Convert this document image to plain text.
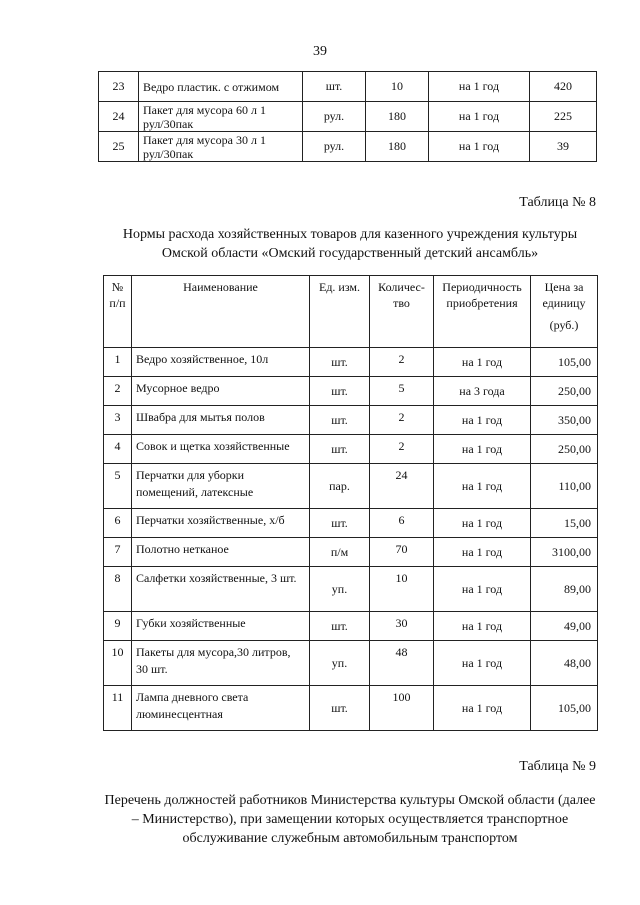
39
23	Ведро пластик. с отжимом	шт.	10	на 1 год	420
24	Пакет для мусора 60 л 1 рул/30пак	рул.	180	на 1 год	225
25	Пакет для мусора 30 л 1 рул/30пак	рул.	180	на 1 год	39
Таблица № 8
Нормы расхода хозяйственных товаров для казенного учреждения культуры Омской области «Омский государственный детский ансамбль»
№ п/п	Наименование	Ед. изм.	Количес-тво	Периодичность приобретения	Цена за единицу
(руб.)

1	Ведро хозяйственное, 10л	шт.	2	на 1 год	105,00
2	Мусорное ведро	шт.	5	на 3 года	250,00
3	Швабра для мытья полов	шт.	2	на 1 год	350,00
4	Совок и щетка хозяйственные	шт.	2	на 1 год	250,00
5	Перчатки для уборки помещений, латексные	пар.	24	на 1 год	110,00
6	Перчатки хозяйственные, х/б	шт.	6	на 1 год	15,00
7	Полотно нетканое	п/м	70	на 1 год	3100,00
8	Салфетки хозяйственные, 3 шт.	уп.	10	на 1 год	89,00
9	Губки хозяйственные	шт.	30	на 1 год	49,00
10	Пакеты для мусора,30 литров, 30 шт.	уп.	48	на 1 год	48,00
11	Лампа дневного света люминесцентная	шт.	100	на 1 год	105,00
Таблица № 9
Перечень должностей работников Министерства культуры Омской области (далее – Министерство), при замещении которых осуществляется транспортное обслуживание служебным автомобильным транспортом
